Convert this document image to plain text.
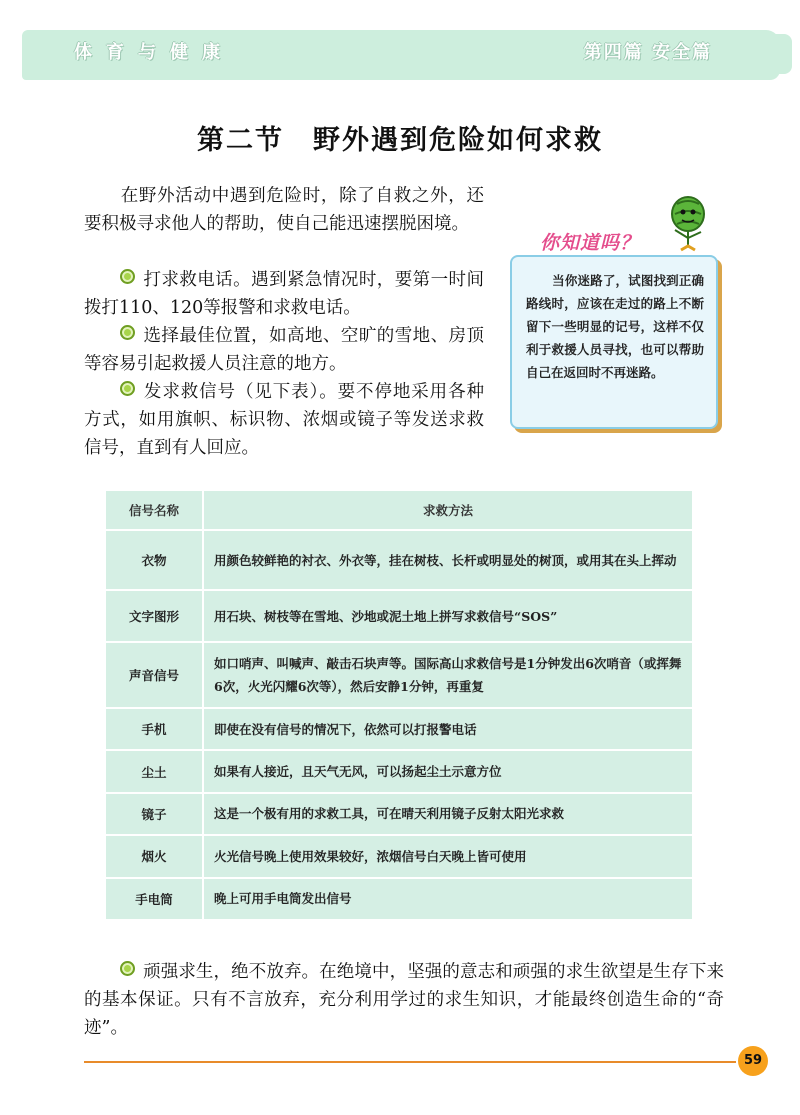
体育与健康	第四篇 安全篇
第二节　野外遇到危险如何求救
在野外活动中遇到危险时，除了自救之外，还要积极寻求他人的帮助，使自己能迅速摆脱困境。
打求救电话。遇到紧急情况时，要第一时间拨打110、120等报警和求救电话。
选择最佳位置，如高地、空旷的雪地、房顶等容易引起救援人员注意的地方。
发求救信号（见下表）。要不停地采用各种方式，如用旗帜、标识物、浓烟或镜子等发送求救信号，直到有人回应。
你知道吗？
当你迷路了，试图找到正确路线时，应该在走过的路上不断留下一些明显的记号，这样不仅利于救援人员寻找，也可以帮助自己在返回时不再迷路。
信号名称	求救方法
衣物	用颜色较鲜艳的衬衣、外衣等，挂在树枝、长杆或明显处的树顶，或用其在头上挥动
文字图形	用石块、树枝等在雪地、沙地或泥土地上拼写求救信号“SOS”
声音信号	如口哨声、叫喊声、敲击石块声等。国际高山求救信号是1分钟发出6次哨音（或挥舞6次，火光闪耀6次等），然后安静1分钟，再重复
手机	即使在没有信号的情况下，依然可以打报警电话
尘土	如果有人接近，且天气无风，可以扬起尘土示意方位
镜子	这是一个极有用的求救工具，可在晴天利用镜子反射太阳光求救
烟火	火光信号晚上使用效果较好，浓烟信号白天晚上皆可使用
手电筒	晚上可用手电筒发出信号
顽强求生，绝不放弃。在绝境中，坚强的意志和顽强的求生欲望是生存下来的基本保证。只有不言放弃，充分利用学过的求生知识，才能最终创造生命的“奇迹”。
59
